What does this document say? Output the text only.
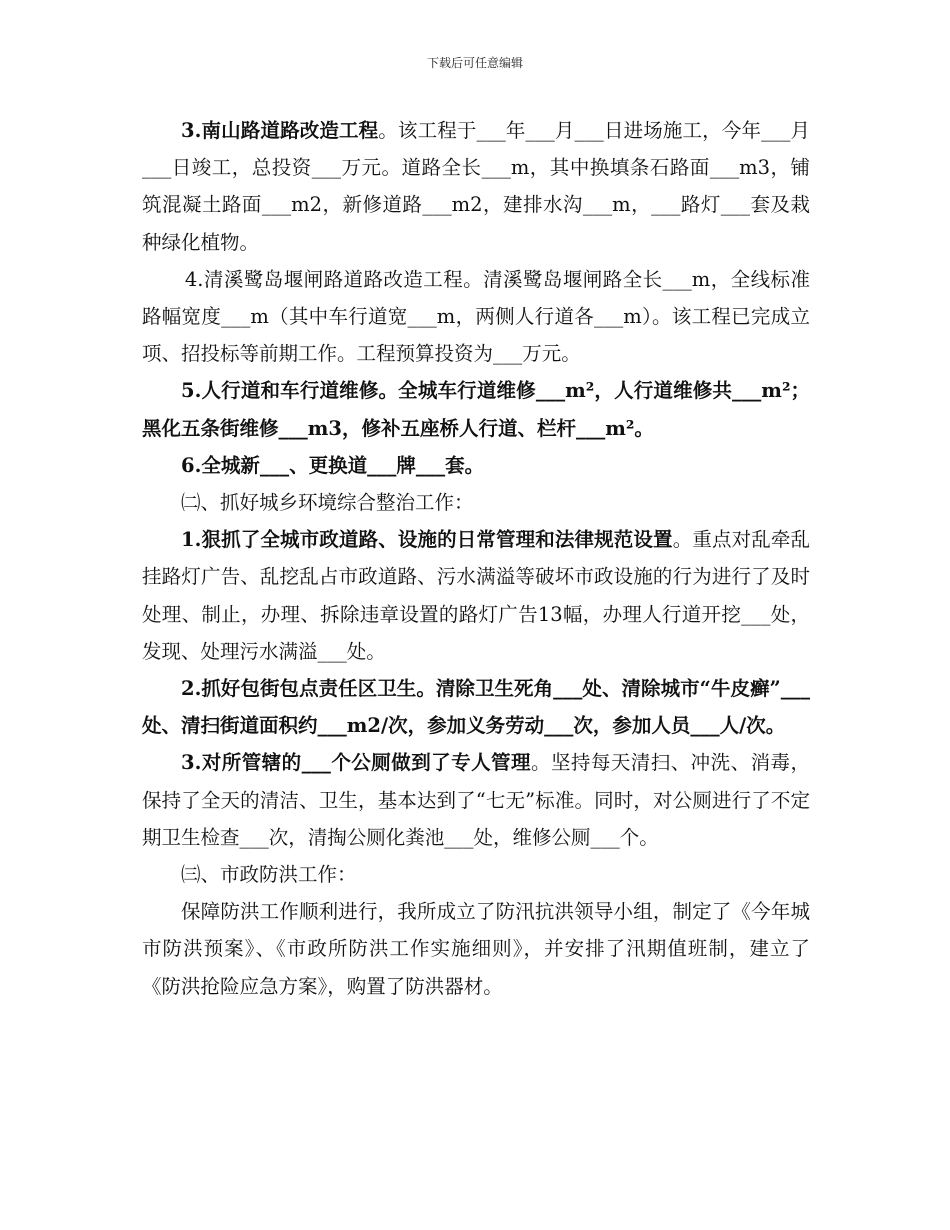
下载后可任意编辑

3.南山路道路改造工程。该工程于___年___月___日进场施工，今年___月___日竣工，总投资___万元。道路全长___m，其中换填条石路面___m3，铺筑混凝土路面___m2，新修道路___m2，建排水沟___m，___路灯___套及栽种绿化植物。

4.清溪鹭岛堰闸路道路改造工程。清溪鹭岛堰闸路全长___m，全线标准路幅宽度___m（其中车行道宽___m，两侧人行道各___m）。该工程已完成立项、招投标等前期工作。工程预算投资为___万元。

5.人行道和车行道维修。全城车行道维修___m²，人行道维修共___m²；黑化五条街维修___m3，修补五座桥人行道、栏杆___m²。

6.全城新___、更换道___牌___套。

㈡、抓好城乡环境综合整治工作：

1.狠抓了全城市政道路、设施的日常管理和法律规范设置。重点对乱牵乱挂路灯广告、乱挖乱占市政道路、污水满溢等破坏市政设施的行为进行了及时处理、制止，办理、拆除违章设置的路灯广告13幅，办理人行道开挖___处，发现、处理污水满溢___处。

2.抓好包街包点责任区卫生。清除卫生死角___处、清除城市“牛皮癣”___处、清扫街道面积约___m2/次，参加义务劳动___次，参加人员___人/次。

3.对所管辖的___个公厕做到了专人管理。坚持每天清扫、冲洗、消毒，保持了全天的清洁、卫生，基本达到了“七无”标准。同时，对公厕进行了不定期卫生检查___次，清掏公厕化粪池___处，维修公厕___个。

㈢、市政防洪工作：

保障防洪工作顺利进行，我所成立了防汛抗洪领导小组，制定了《今年城市防洪预案》、《市政所防洪工作实施细则》，并安排了汛期值班制，建立了《防洪抢险应急方案》，购置了防洪器材。
